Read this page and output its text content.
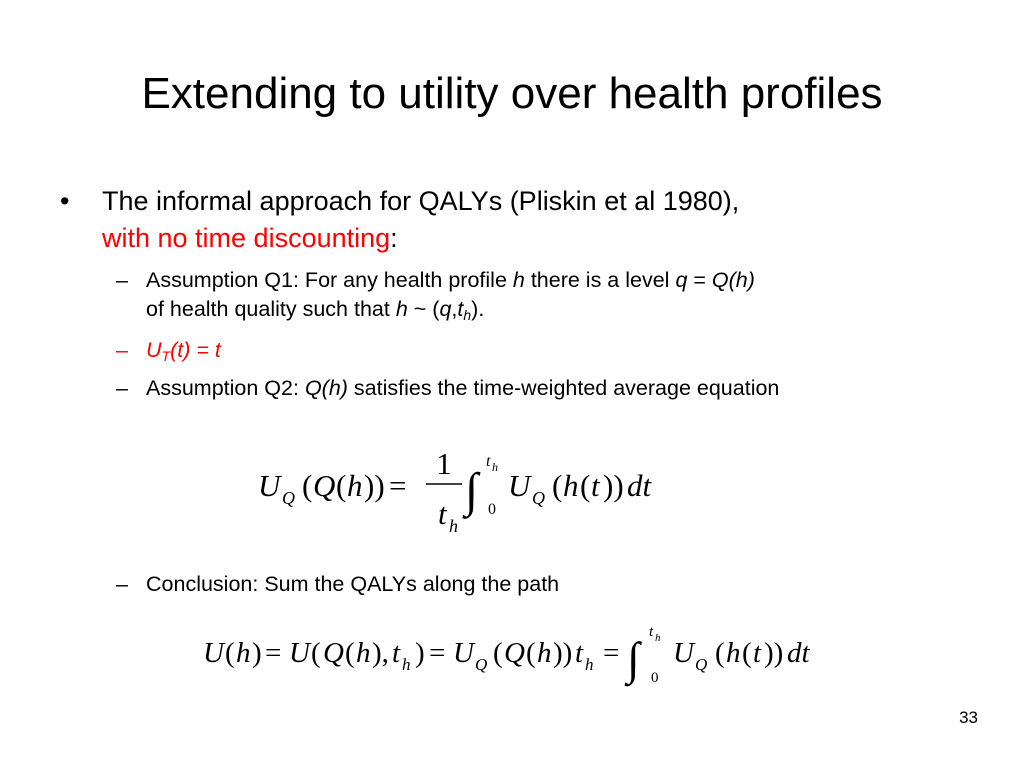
Extending to utility over health profiles
• The informal approach for QALYs (Pliskin et al 1980),
with no time discounting:
– Assumption Q1: For any health profile h there is a level q = Q(h)
of health quality such that h ~ $(q,t_h)$.
– $U_T(t) = t$
– Assumption Q2: Q(h) satisfies the time-weighted average equation
U Q ( Q ( h )) =
1
t h
∫
t h
0
U Q ( h ( t )) dt
– Conclusion: Sum the QALYs along the path
U ( h ) = U ( Q ( h ), t h ) = U Q ( Q ( h )) t h = ∫
t h
0
U Q ( h ( t )) dt
33
